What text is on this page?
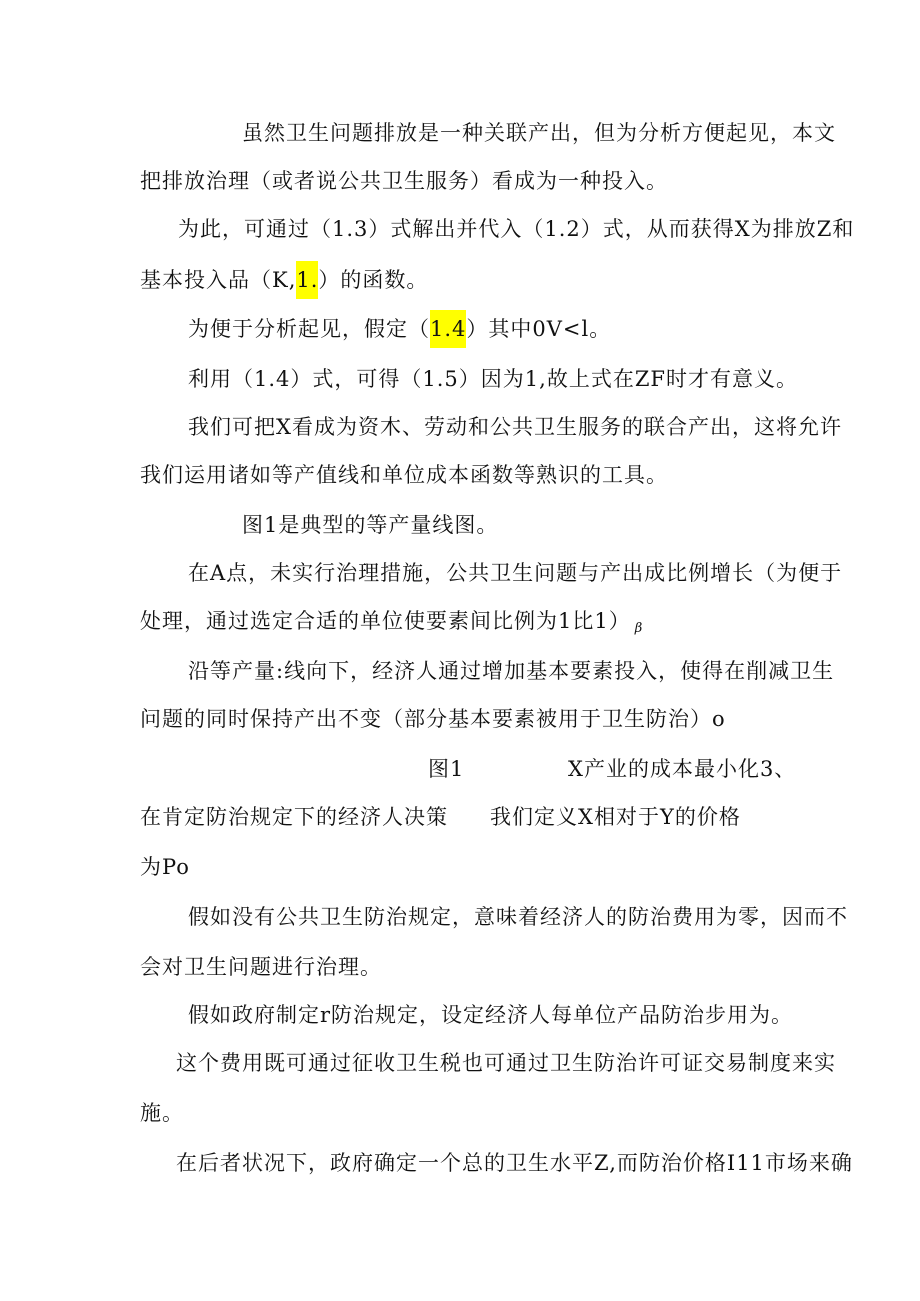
虽然卫生问题排放是一种关联产出，但为分析方便起见，本文
把排放治理（或者说公共卫生服务）看成为一种投入。
为此，可通过（1.3）式解出并代入（1.2）式，从而获得X为排放Z和
基本投入品（K,1.）的函数。
为便于分析起见，假定（1.4）其中0V<l。
利用（1.4）式，可得（1.5）因为1,故上式在ZF时才有意义。
我们可把X看成为资木、劳动和公共卫生服务的联合产出，这将允许
我们运用诸如等产值线和单位成本函数等熟识的工具。
图1是典型的等产量线图。
在A点，未实行治理措施，公共卫生问题与产出成比例增长（为便于
处理，通过选定合适的单位使要素间比例为1比1） β
沿等产量:线向下，经济人通过增加基本要素投入，使得在削减卫生
问题的同时保持产出不变（部分基本要素被用于卫生防治）o
图1	X产业的成本最小化3、
在肯定防治规定下的经济人决策 我们定义X相对于Y的价格
为Po
假如没有公共卫生防治规定，意味着经济人的防治费用为零，因而不
会对卫生问题进行治理。
假如政府制定r防治规定，设定经济人每单位产品防治步用为。
这个费用既可通过征收卫生税也可通过卫生防治许可证交易制度来实
施。
在后者状况下，政府确定一个总的卫生水平Z,而防治价格I11市场来确
